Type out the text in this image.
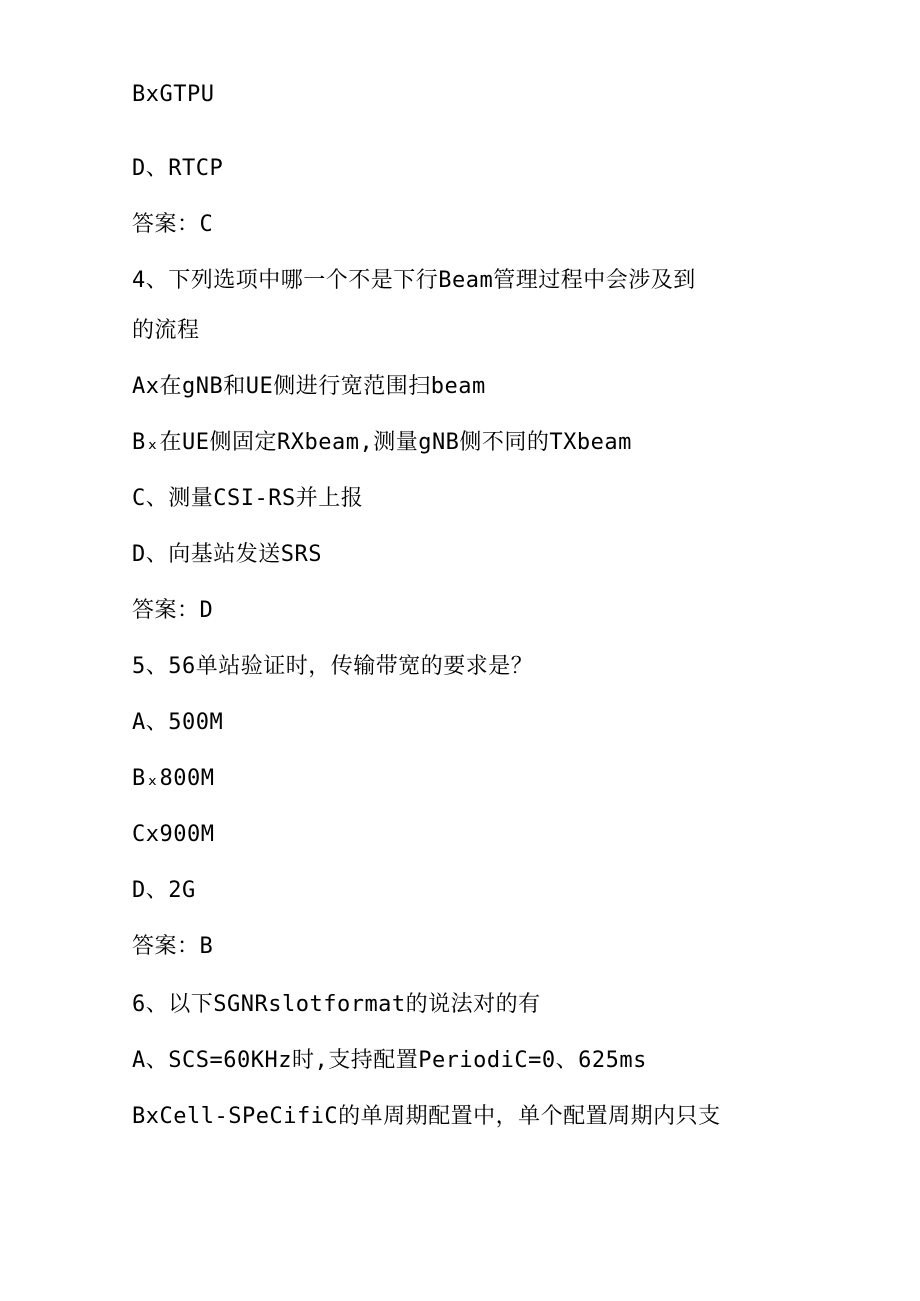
BxGTPU
D、RTCP
答案：C
4、下列选项中哪一个不是下行Beam管理过程中会涉及到
的流程
Ax在gNB和UE侧进行宽范围扫beam
Bₓ在UE侧固定RXbeam,测量gNB侧不同的TXbeam
C、测量CSI-RS并上报
D、向基站发送SRS
答案：D
5、56单站验证时，传输带宽的要求是？
A、500M
Bₓ800M
Cx900M
D、2G
答案：B
6、以下SGNRslotformat的说法对的有
A、SCS=60KHz时,支持配置PeriodiC=0、625ms
BxCell-SPeCifiC的单周期配置中，单个配置周期内只支
